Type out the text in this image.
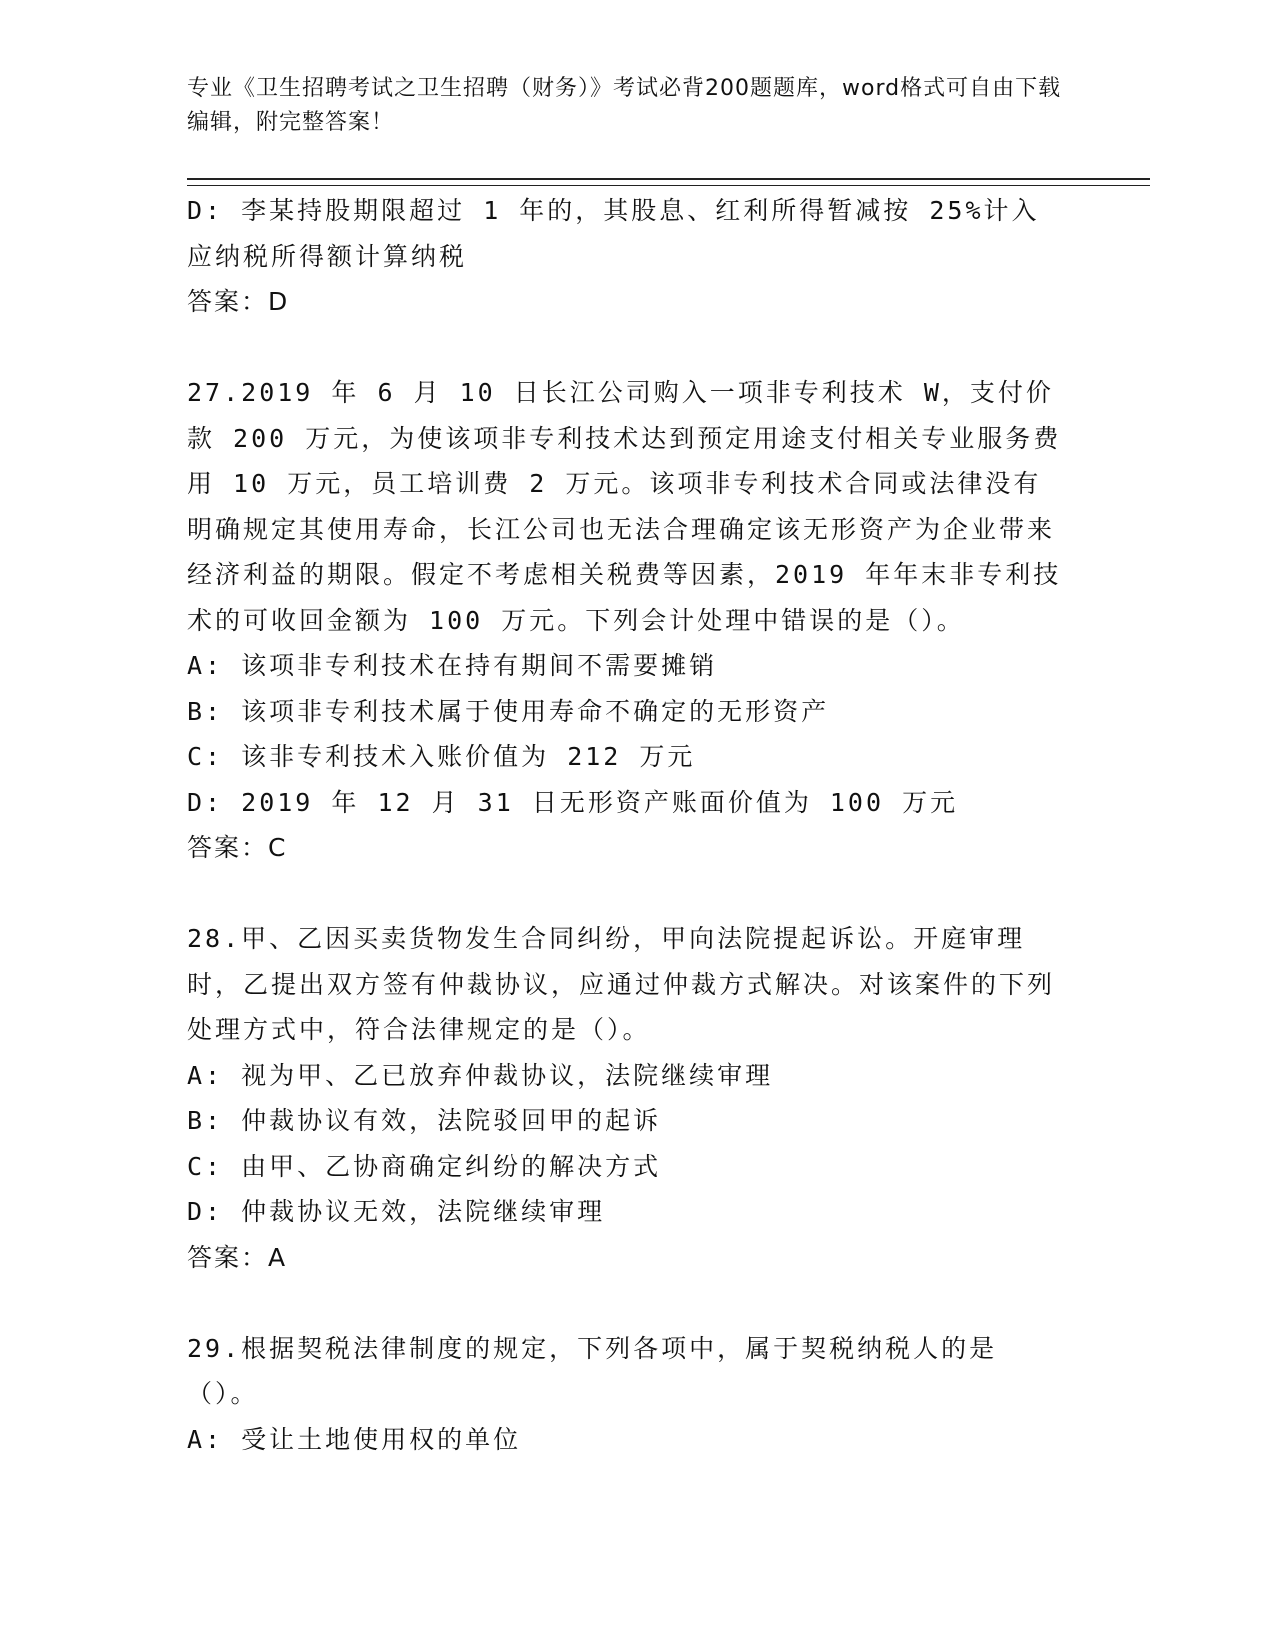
专业《卫生招聘考试之卫生招聘（财务）》考试必背200题题库，word格式可自由下载编辑，附完整答案！

D: 李某持股期限超过 1 年的，其股息、红利所得暂减按 25%计入应纳税所得额计算纳税

答案：D

27.2019 年 6 月 10 日长江公司购入一项非专利技术 W，支付价款 200 万元，为使该项非专利技术达到预定用途支付相关专业服务费用 10 万元，员工培训费 2 万元。该项非专利技术合同或法律没有明确规定其使用寿命，长江公司也无法合理确定该无形资产为企业带来经济利益的期限。假定不考虑相关税费等因素，2019 年年末非专利技术的可收回金额为 100 万元。下列会计处理中错误的是（）。

A: 该项非专利技术在持有期间不需要摊销

B: 该项非专利技术属于使用寿命不确定的无形资产

C: 该非专利技术入账价值为 212 万元

D: 2019 年 12 月 31 日无形资产账面价值为 100 万元

答案：C

28.甲、乙因买卖货物发生合同纠纷，甲向法院提起诉讼。开庭审理时，乙提出双方签有仲裁协议，应通过仲裁方式解决。对该案件的下列处理方式中，符合法律规定的是（）。

A: 视为甲、乙已放弃仲裁协议，法院继续审理

B: 仲裁协议有效，法院驳回甲的起诉

C: 由甲、乙协商确定纠纷的解决方式

D: 仲裁协议无效，法院继续审理

答案：A

29.根据契税法律制度的规定，下列各项中，属于契税纳税人的是（）。

A: 受让土地使用权的单位
